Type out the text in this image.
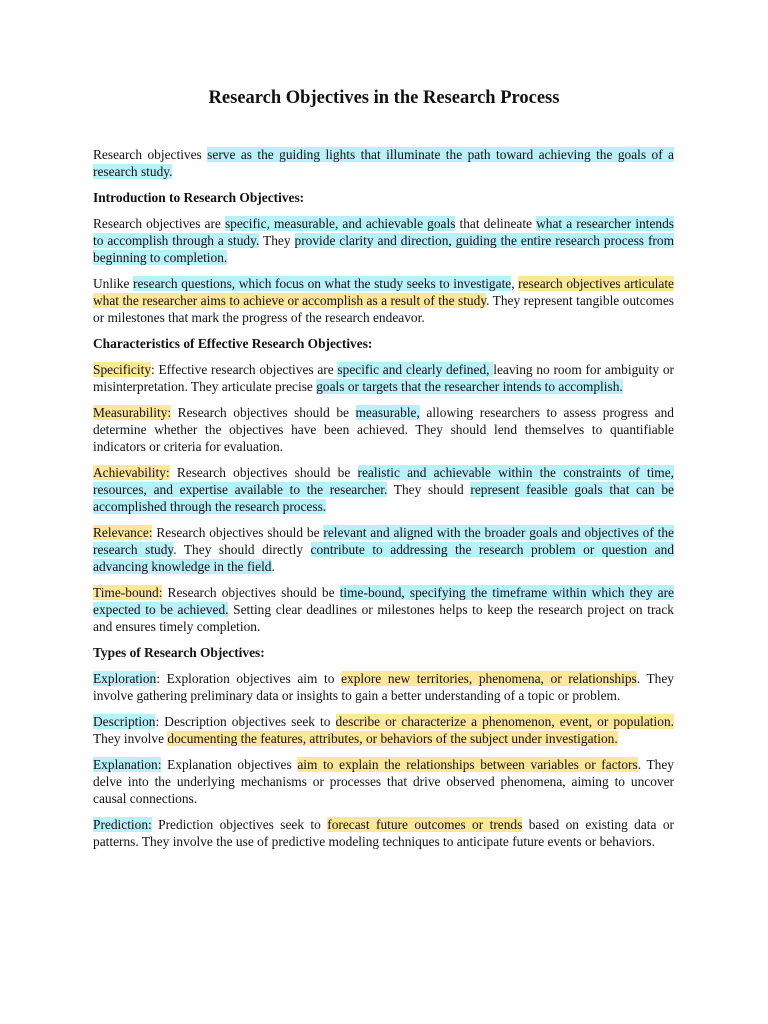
Research Objectives in the Research Process

Research objectives serve as the guiding lights that illuminate the path toward achieving the goals of a research study.

Introduction to Research Objectives:

Research objectives are specific, measurable, and achievable goals that delineate what a researcher intends to accomplish through a study. They provide clarity and direction, guiding the entire research process from beginning to completion.

Unlike research questions, which focus on what the study seeks to investigate, research objectives articulate what the researcher aims to achieve or accomplish as a result of the study. They represent tangible outcomes or milestones that mark the progress of the research endeavor.

Characteristics of Effective Research Objectives:

Specificity: Effective research objectives are specific and clearly defined, leaving no room for ambiguity or misinterpretation. They articulate precise goals or targets that the researcher intends to accomplish.

Measurability: Research objectives should be measurable, allowing researchers to assess progress and determine whether the objectives have been achieved. They should lend themselves to quantifiable indicators or criteria for evaluation.

Achievability: Research objectives should be realistic and achievable within the constraints of time, resources, and expertise available to the researcher. They should represent feasible goals that can be accomplished through the research process.

Relevance: Research objectives should be relevant and aligned with the broader goals and objectives of the research study. They should directly contribute to addressing the research problem or question and advancing knowledge in the field.

Time-bound: Research objectives should be time-bound, specifying the timeframe within which they are expected to be achieved. Setting clear deadlines or milestones helps to keep the research project on track and ensures timely completion.

Types of Research Objectives:

Exploration: Exploration objectives aim to explore new territories, phenomena, or relationships. They involve gathering preliminary data or insights to gain a better understanding of a topic or problem.

Description: Description objectives seek to describe or characterize a phenomenon, event, or population. They involve documenting the features, attributes, or behaviors of the subject under investigation.

Explanation: Explanation objectives aim to explain the relationships between variables or factors. They delve into the underlying mechanisms or processes that drive observed phenomena, aiming to uncover causal connections.

Prediction: Prediction objectives seek to forecast future outcomes or trends based on existing data or patterns. They involve the use of predictive modeling techniques to anticipate future events or behaviors.
